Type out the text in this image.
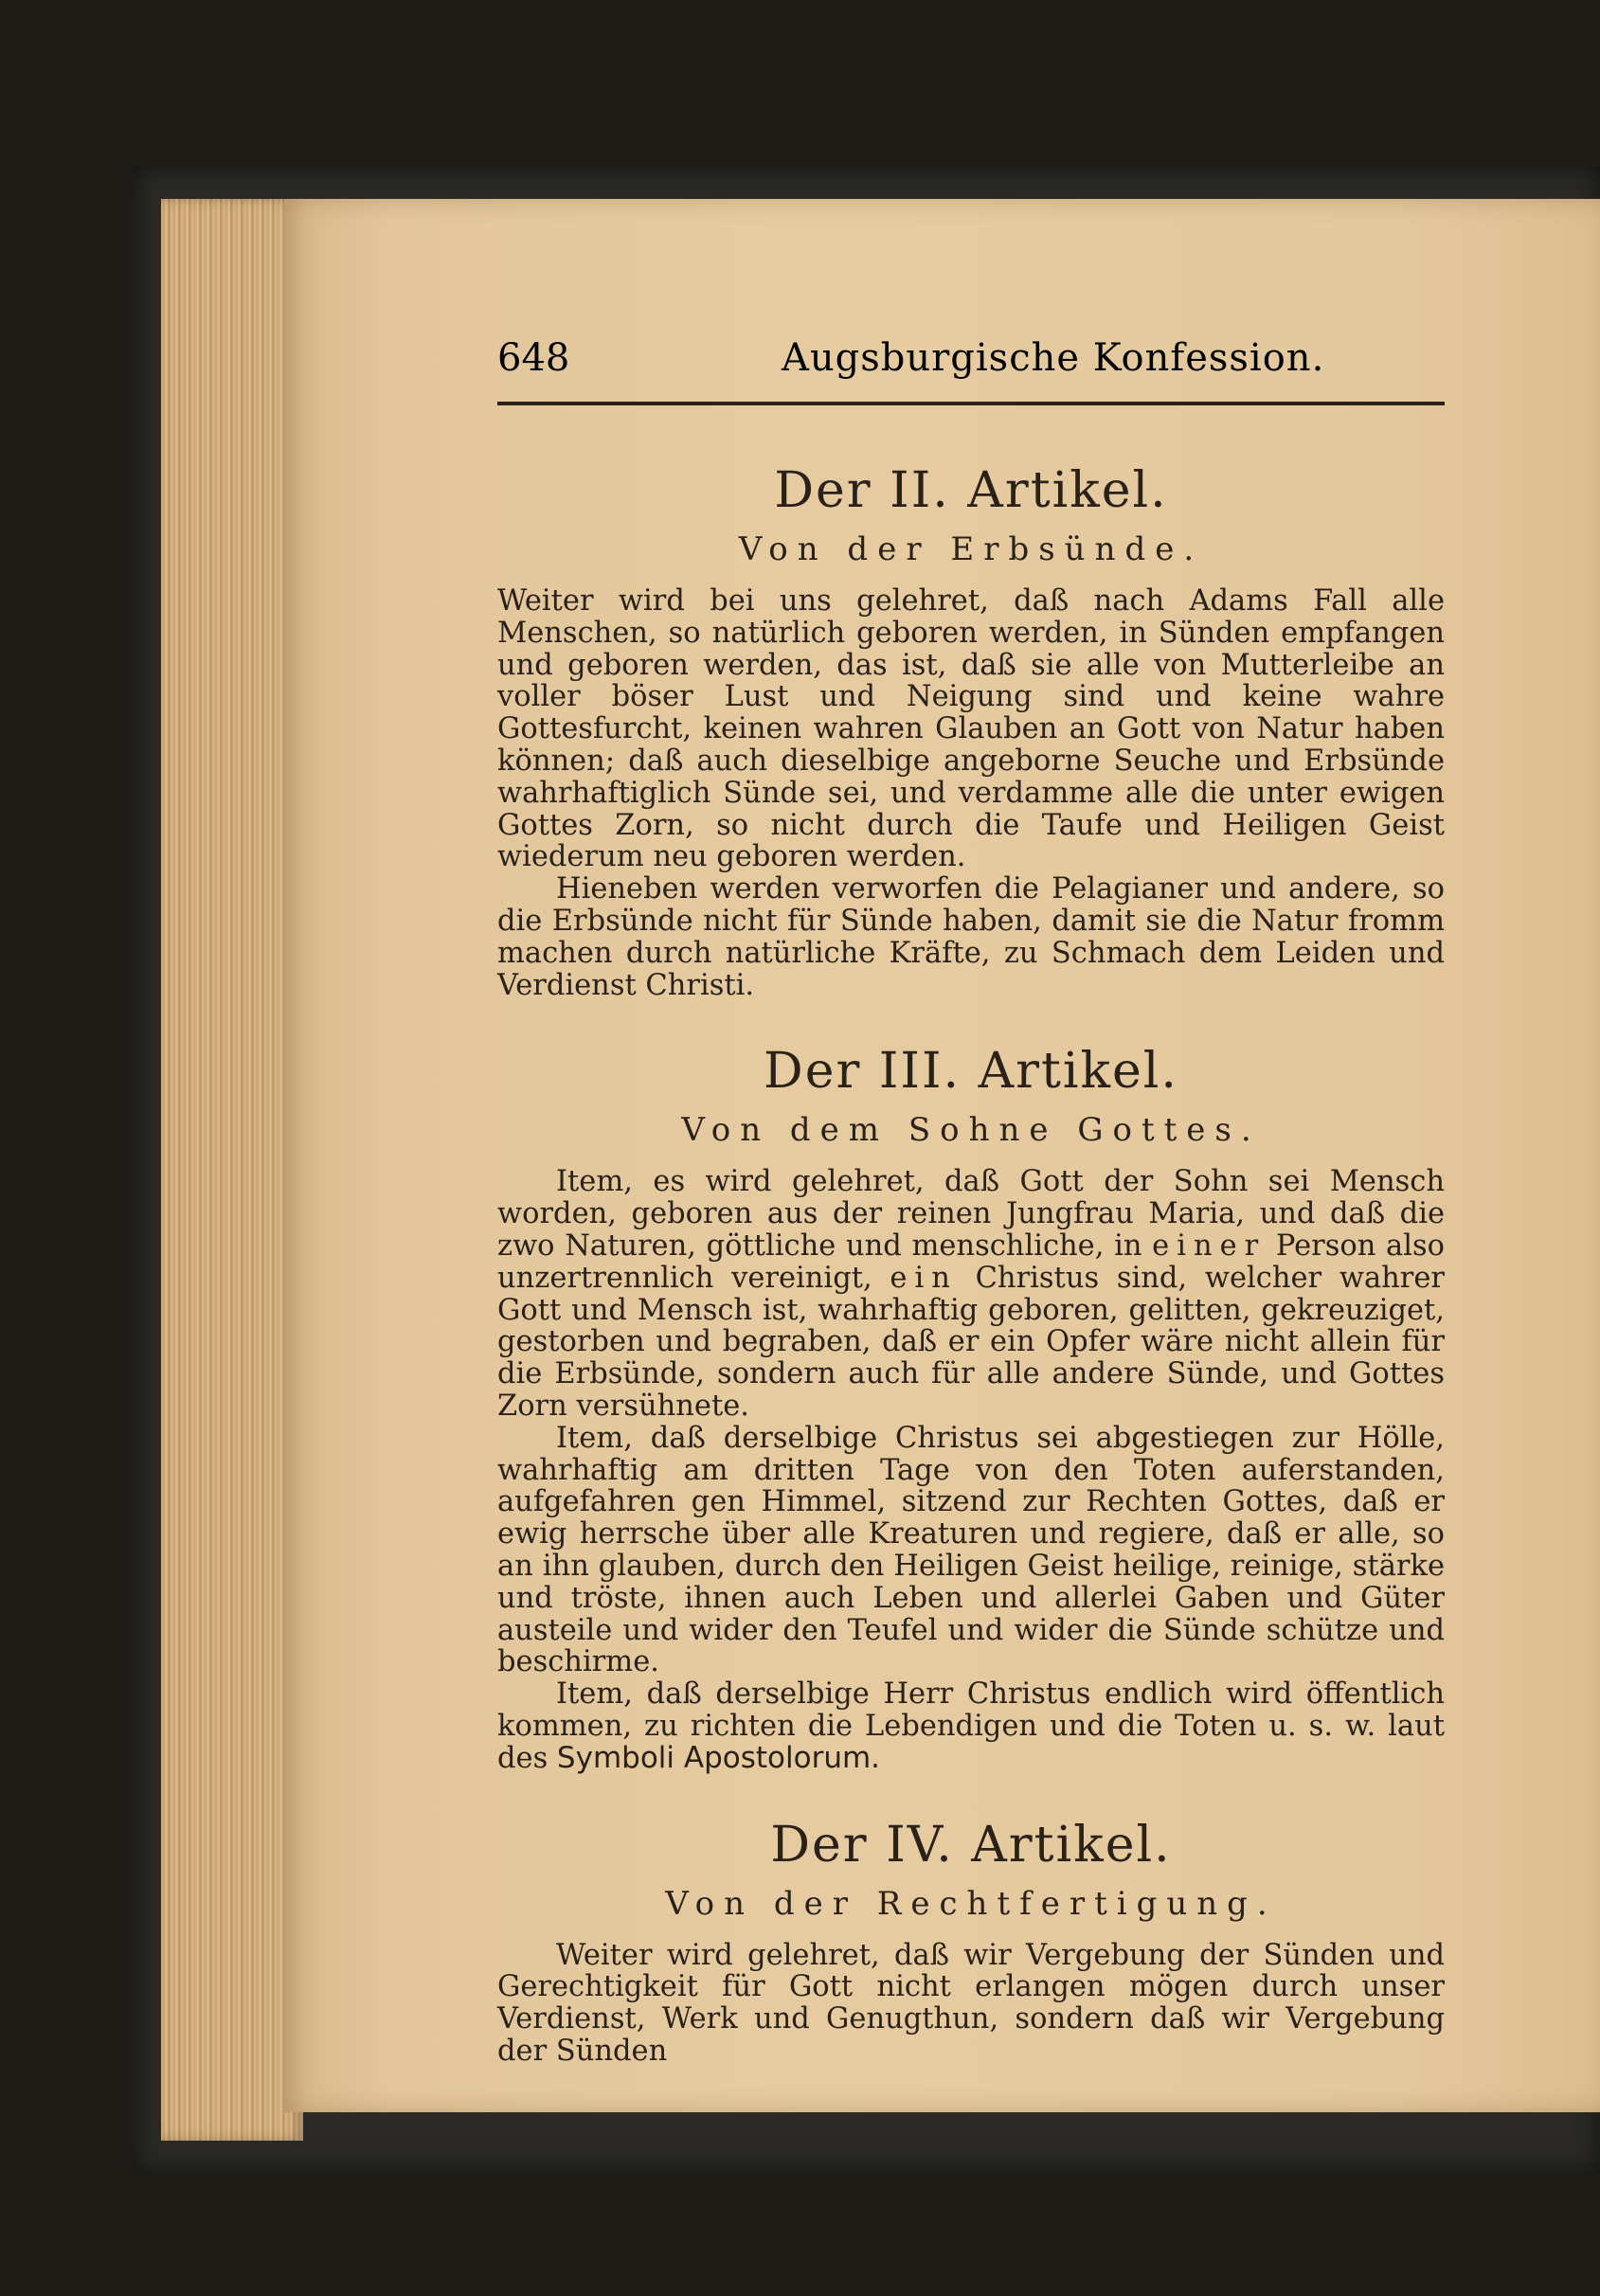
648	Augsburgische Konfession.
Der II. Artikel.
Von der Erbsünde.

Weiter wird bei uns gelehret, daß nach Adams Fall alle Menschen, so natürlich geboren werden, in Sünden empfangen und geboren werden, das ist, daß sie alle von Mutterleibe an voller böser Lust und Neigung sind und keine wahre Gottesfurcht, keinen wahren Glauben an Gott von Natur haben können; daß auch dieselbige angeborne Seuche und Erbsünde wahrhaftiglich Sünde sei, und verdamme alle die unter ewigen Gottes Zorn, so nicht durch die Taufe und Heiligen Geist wiederum neu geboren werden.

Hieneben werden verworfen die Pelagianer und andere, so die Erbsünde nicht für Sünde haben, damit sie die Natur fromm machen durch natürliche Kräfte, zu Schmach dem Leiden und Verdienst Christi.

Der III. Artikel.
Von dem Sohne Gottes.

Item, es wird gelehret, daß Gott der Sohn sei Mensch worden, geboren aus der reinen Jungfrau Maria, und daß die zwo Naturen, göttliche und menschliche, in einer Person also unzertrennlich vereinigt, ein Christus sind, welcher wahrer Gott und Mensch ist, wahrhaftig geboren, gelitten, gekreuziget, gestorben und begraben, daß er ein Opfer wäre nicht allein für die Erbsünde, sondern auch für alle andere Sünde, und Gottes Zorn versühnete.

Item, daß derselbige Christus sei abgestiegen zur Hölle, wahrhaftig am dritten Tage von den Toten auferstanden, aufgefahren gen Himmel, sitzend zur Rechten Gottes, daß er ewig herrsche über alle Kreaturen und regiere, daß er alle, so an ihn glauben, durch den Heiligen Geist heilige, reinige, stärke und tröste, ihnen auch Leben und allerlei Gaben und Güter austeile und wider den Teufel und wider die Sünde schütze und beschirme.

Item, daß derselbige Herr Christus endlich wird öffentlich kommen, zu richten die Lebendigen und die Toten u. s. w. laut des Symboli Apostolorum.

Der IV. Artikel.
Von der Rechtfertigung.

Weiter wird gelehret, daß wir Vergebung der Sünden und Gerechtigkeit für Gott nicht erlangen mögen durch unser Verdienst, Werk und Genugthun, sondern daß wir Vergebung der Sünden
